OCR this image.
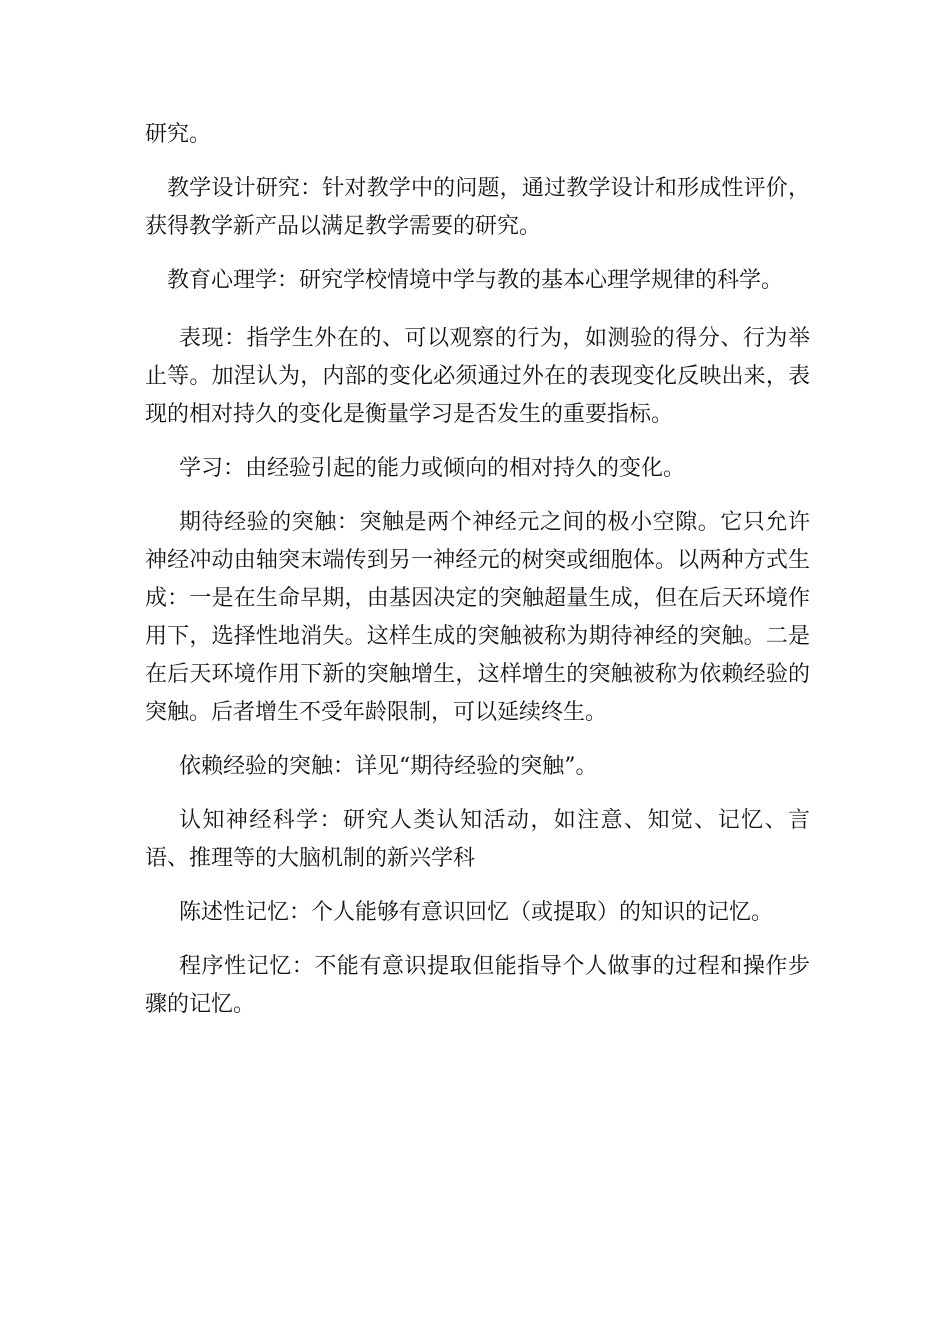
研究。

教学设计研究：针对教学中的问题，通过教学设计和形成性评价，获得教学新产品以满足教学需要的研究。

教育心理学：研究学校情境中学与教的基本心理学规律的科学。

表现：指学生外在的、可以观察的行为，如测验的得分、行为举止等。加涅认为，内部的变化必须通过外在的表现变化反映出来，表现的相对持久的变化是衡量学习是否发生的重要指标。

学习：由经验引起的能力或倾向的相对持久的变化。

期待经验的突触：突触是两个神经元之间的极小空隙。它只允许神经冲动由轴突末端传到另一神经元的树突或细胞体。以两种方式生成：一是在生命早期，由基因决定的突触超量生成，但在后天环境作用下，选择性地消失。这样生成的突触被称为期待神经的突触。二是在后天环境作用下新的突触增生，这样增生的突触被称为依赖经验的突触。后者增生不受年龄限制，可以延续终生。

依赖经验的突触：详见“期待经验的突触”。

认知神经科学：研究人类认知活动，如注意、知觉、记忆、言语、推理等的大脑机制的新兴学科

陈述性记忆：个人能够有意识回忆（或提取）的知识的记忆。

程序性记忆：不能有意识提取但能指导个人做事的过程和操作步骤的记忆。
